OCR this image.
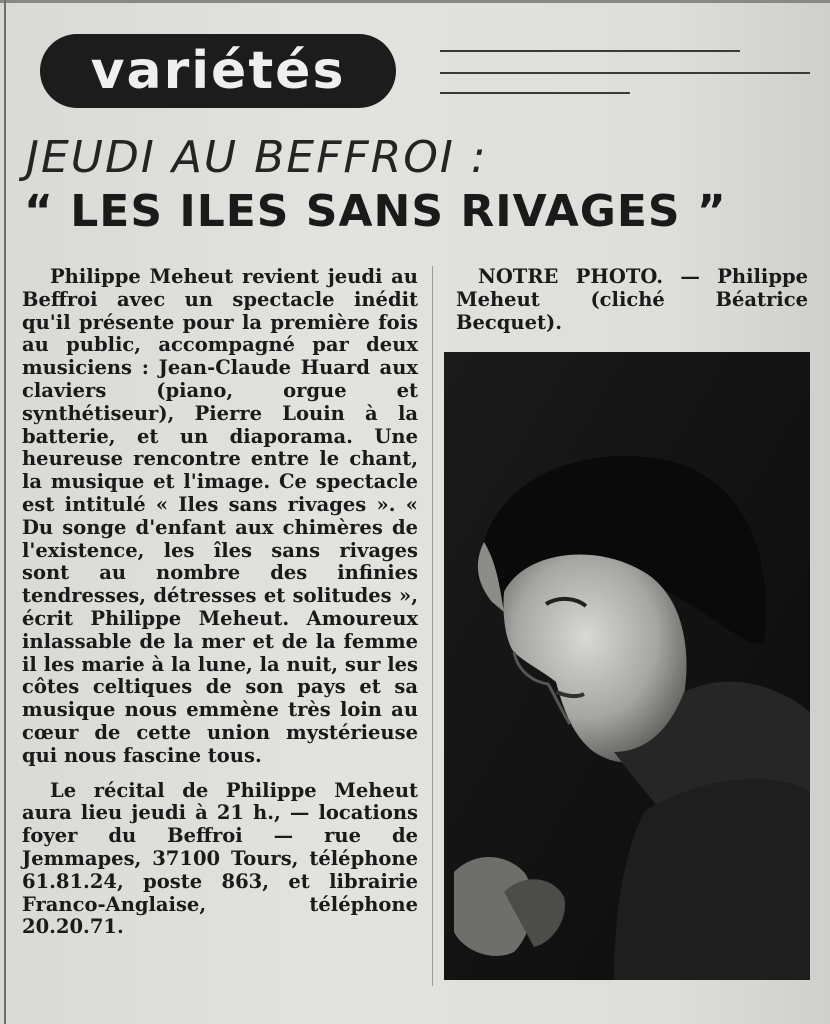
variétés
JEUDI AU BEFFROI :
“ LES ILES SANS RIVAGES ”

Philippe Meheut revient jeudi au Beffroi avec un spectacle inédit qu'il présente pour la première fois au public, accompagné par deux musiciens : Jean-Claude Huard aux claviers (piano, orgue et synthétiseur), Pierre Louin à la batterie, et un diaporama. Une heureuse rencontre entre le chant, la musique et l'image. Ce spectacle est intitulé « Iles sans rivages ». « Du songe d'enfant aux chimères de l'existence, les îles sans rivages sont au nombre des infinies tendresses, détresses et solitudes », écrit Philippe Meheut. Amoureux inlassable de la mer et de la femme il les marie à la lune, la nuit, sur les côtes celtiques de son pays et sa musique nous emmène très loin au cœur de cette union mystérieuse qui nous fascine tous.

Le récital de Philippe Meheut aura lieu jeudi à 21 h., — locations foyer du Beffroi — rue de Jemmapes, 37100 Tours, téléphone 61.81.24, poste 863, et librairie Franco-Anglaise, téléphone 20.20.71.

NOTRE PHOTO. — Philippe Meheut (cliché Béatrice Becquet).
